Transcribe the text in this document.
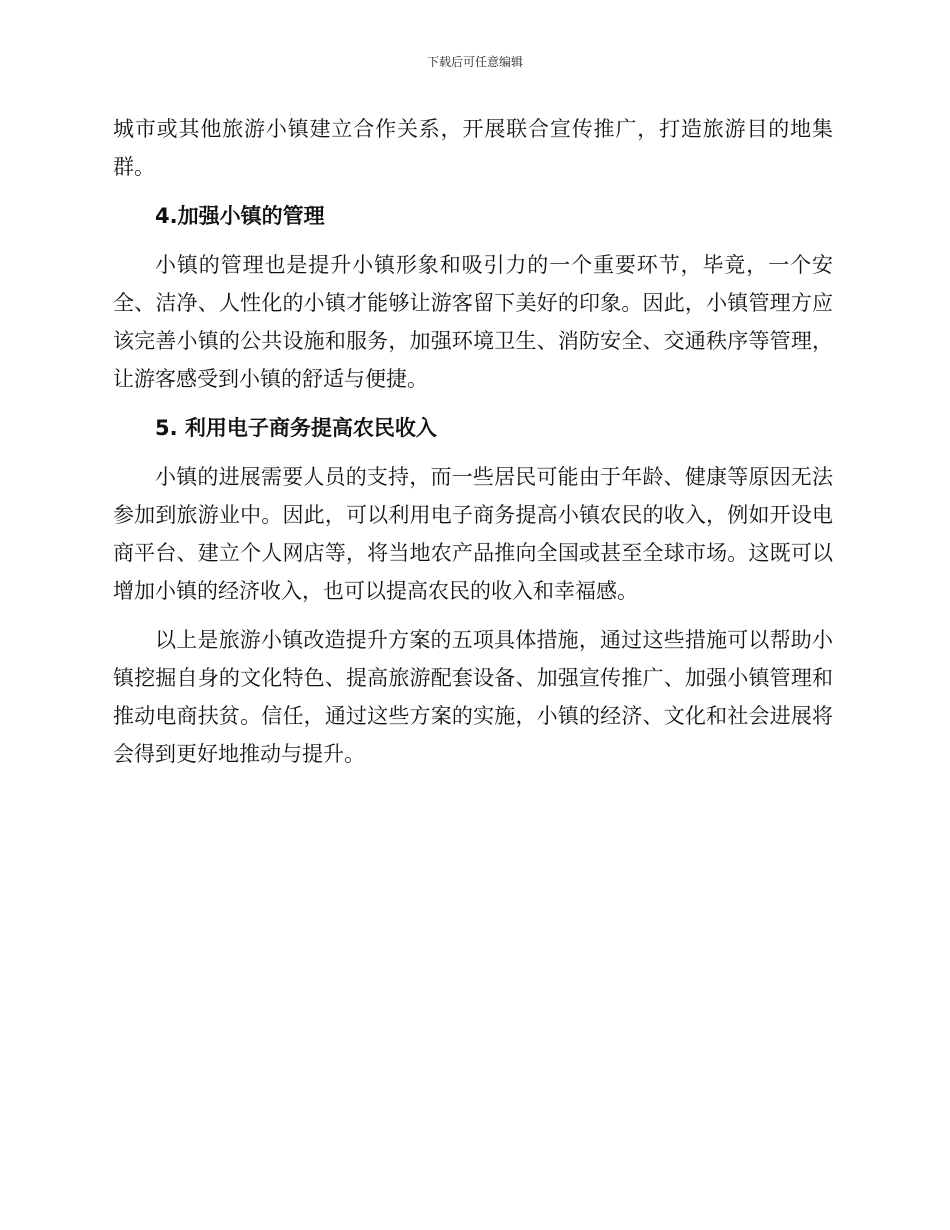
下载后可任意编辑

城市或其他旅游小镇建立合作关系，开展联合宣传推广，打造旅游目的地集群。

4.加强小镇的管理

小镇的管理也是提升小镇形象和吸引力的一个重要环节，毕竟，一个安全、洁净、人性化的小镇才能够让游客留下美好的印象。因此，小镇管理方应该完善小镇的公共设施和服务，加强环境卫生、消防安全、交通秩序等管理，让游客感受到小镇的舒适与便捷。

5. 利用电子商务提高农民收入

小镇的进展需要人员的支持，而一些居民可能由于年龄、健康等原因无法参加到旅游业中。因此，可以利用电子商务提高小镇农民的收入，例如开设电商平台、建立个人网店等，将当地农产品推向全国或甚至全球市场。这既可以增加小镇的经济收入，也可以提高农民的收入和幸福感。

以上是旅游小镇改造提升方案的五项具体措施，通过这些措施可以帮助小镇挖掘自身的文化特色、提高旅游配套设备、加强宣传推广、加强小镇管理和推动电商扶贫。信任，通过这些方案的实施，小镇的经济、文化和社会进展将会得到更好地推动与提升。
